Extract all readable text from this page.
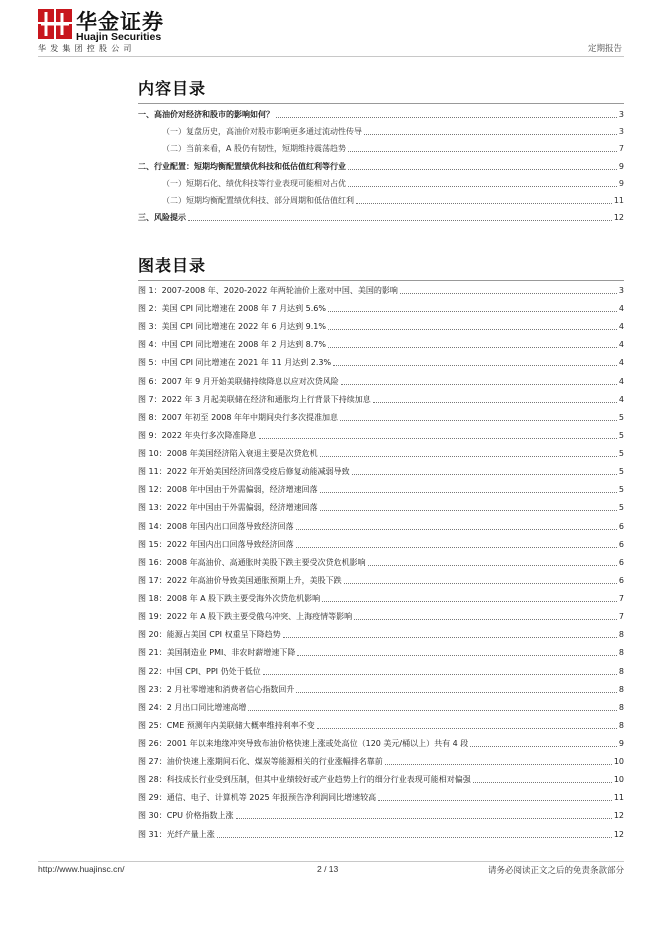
华金证券
Huajin Securities
华发集团控股公司	定期报告
内容目录
一、高油价对经济和股市的影响如何？	3
（一）复盘历史，高油价对股市影响更多通过流动性传导	3
（二）当前来看，A 股仍有韧性，短期维持震荡趋势	7
二、行业配置：短期均衡配置绩优科技和低估值红利等行业	9
（一）短期石化、绩优科技等行业表现可能相对占优	9
（二）短期均衡配置绩优科技、部分周期和低估值红利	11
三、风险提示	12
图表目录
图 1：2007-2008 年、2020-2022 年两轮油价上涨对中国、美国的影响	3
图 2：美国 CPI 同比增速在 2008 年 7 月达到 5.6%	4
图 3：美国 CPI 同比增速在 2022 年 6 月达到 9.1%	4
图 4：中国 CPI 同比增速在 2008 年 2 月达到 8.7%	4
图 5：中国 CPI 同比增速在 2021 年 11 月达到 2.3%	4
图 6：2007 年 9 月开始美联储持续降息以应对次贷风险	4
图 7：2022 年 3 月起美联储在经济和通胀均上行背景下持续加息	4
图 8：2007 年初至 2008 年年中期间央行多次提准加息	5
图 9：2022 年央行多次降准降息	5
图 10：2008 年美国经济陷入衰退主要是次贷危机	5
图 11：2022 年开始美国经济回落受疫后修复动能减弱导致	5
图 12：2008 年中国由于外需偏弱，经济增速回落	5
图 13：2022 年中国由于外需偏弱，经济增速回落	5
图 14：2008 年国内出口回落导致经济回落	6
图 15：2022 年国内出口回落导致经济回落	6
图 16：2008 年高油价、高通胀时美股下跌主要受次贷危机影响	6
图 17：2022 年高油价导致美国通胀预期上升，美股下跌	6
图 18：2008 年 A 股下跌主要受海外次贷危机影响	7
图 19：2022 年 A 股下跌主要受俄乌冲突、上海疫情等影响	7
图 20：能源占美国 CPI 权重呈下降趋势	8
图 21：美国制造业 PMI、非农时薪增速下降	8
图 22：中国 CPI、PPI 仍处于低位	8
图 23：2 月社零增速和消费者信心指数回升	8
图 24：2 月出口同比增速高增	8
图 25：CME 预测年内美联储大概率维持利率不变	8
图 26：2001 年以来地缘冲突导致布油价格快速上涨或处高位（120 美元/桶以上）共有 4 段	9
图 27：油价快速上涨期间石化、煤炭等能源相关的行业涨幅排名靠前	10
图 28：科技成长行业受到压制，但其中业绩较好或产业趋势上行的细分行业表现可能相对偏强	10
图 29：通信、电子、计算机等 2025 年报预告净利润同比增速较高	11
图 30：CPU 价格指数上涨	12
图 31：光纤产量上涨	12
http://www.huajinsc.cn/	2 / 13	请务必阅读正文之后的免责条款部分
